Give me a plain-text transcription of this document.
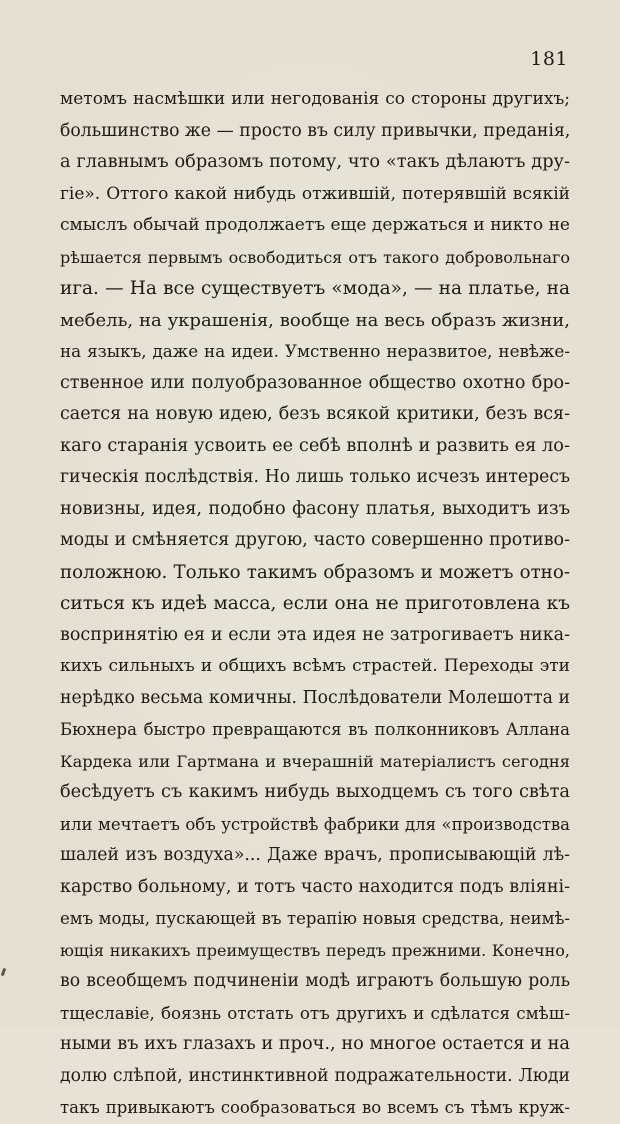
181
метомъ насмѣшки или негодованія со стороны другихъ;
большинство же — просто въ силу привычки, преданія,
а главнымъ образомъ потому, что «такъ дѣлаютъ дру-
гіе». Оттого какой нибудь отжившій, потерявшій всякій
смыслъ обычай продолжаетъ еще держаться и никто не
рѣшается первымъ освободиться отъ такого добровольнаго
ига. — На все существуетъ «мода», — на платье, на
мебель, на украшенія, вообще на весь образъ жизни,
на языкъ, даже на идеи. Умственно неразвитое, невѣже-
ственное или полуобразованное общество охотно бро-
сается на новую идею, безъ всякой критики, безъ вся-
каго старанія усвоить ее себѣ вполнѣ и развить ея ло-
гическія послѣдствія. Но лишь только исчезъ интересъ
новизны, идея, подобно фасону платья, выходитъ изъ
моды и смѣняется другою, часто совершенно противо-
положною. Только такимъ образомъ и можетъ отно-
ситься къ идеѣ масса, если она не приготовлена къ
воспринятію ея и если эта идея не затрогиваетъ ника-
кихъ сильныхъ и общихъ всѣмъ страстей. Переходы эти
нерѣдко весьма комичны. Послѣдователи Молешотта и
Бюхнера быстро превращаются въ полконниковъ Аллана
Кардека или Гартмана и вчерашній матеріалистъ сегодня
бесѣдуетъ съ какимъ нибудь выходцемъ съ того свѣта
или мечтаетъ объ устройствѣ фабрики для «производства
шалей изъ воздуха»... Даже врачъ, прописывающій лѣ-
карство больному, и тотъ часто находится подъ вліяні-
емъ моды, пускающей въ терапію новыя средства, неимѣ-
ющія никакихъ преимуществъ передъ прежними. Конечно,
во всеобщемъ подчиненіи модѣ играютъ большую роль
тщеславіе, боязнь отстать отъ другихъ и сдѣлатся смѣш-
ными въ ихъ глазахъ и проч., но многое остается и на
долю слѣпой, инстинктивной подражательности. Люди
такъ привыкаютъ сообразоваться во всемъ съ тѣмъ круж-
